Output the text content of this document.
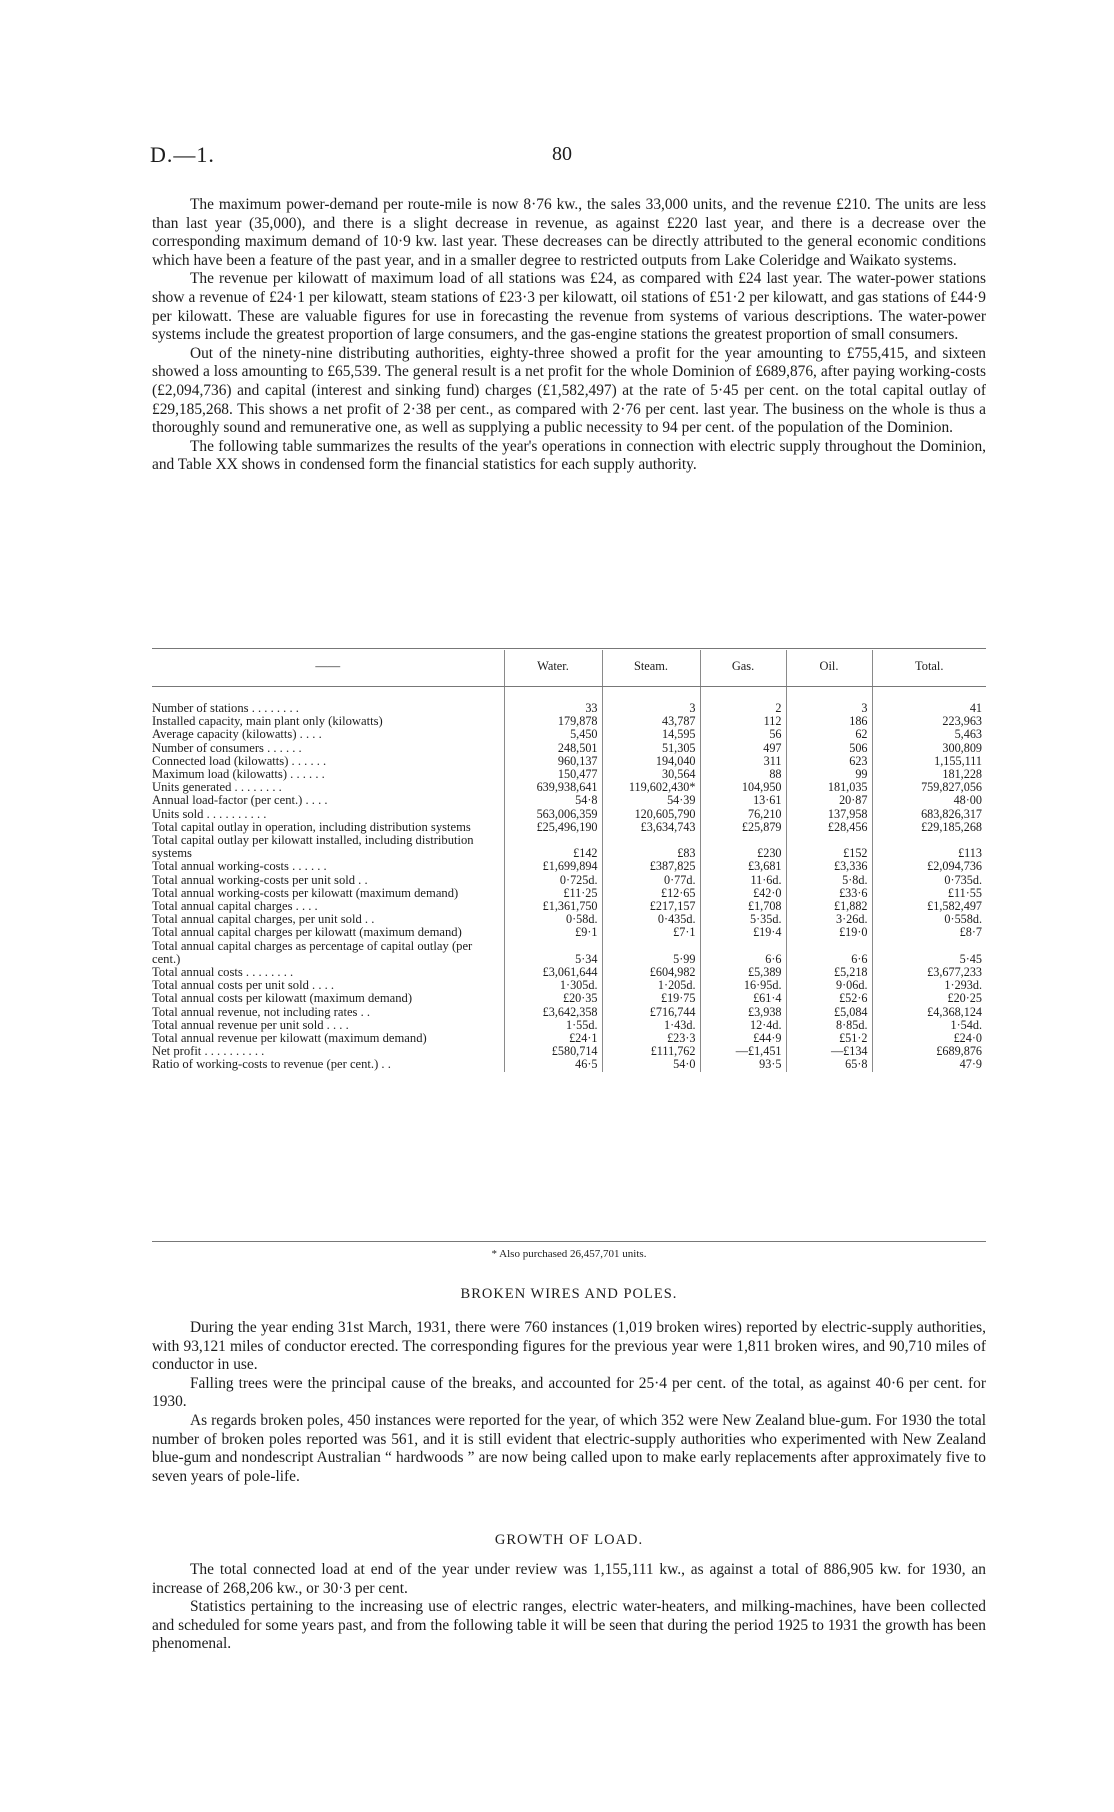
D.—1.	80

The maximum power-demand per route-mile is now 8·76 kw., the sales 33,000 units, and the revenue £210. The units are less than last year (35,000), and there is a slight decrease in revenue, as against £220 last year, and there is a decrease over the corresponding maximum demand of 10·9 kw. last year. These decreases can be directly attributed to the general economic conditions which have been a feature of the past year, and in a smaller degree to restricted outputs from Lake Coleridge and Waikato systems.

The revenue per kilowatt of maximum load of all stations was £24, as compared with £24 last year. The water-power stations show a revenue of £24·1 per kilowatt, steam stations of £23·3 per kilowatt, oil stations of £51·2 per kilowatt, and gas stations of £44·9 per kilowatt. These are valuable figures for use in forecasting the revenue from systems of various descriptions. The water-power systems include the greatest proportion of large consumers, and the gas-engine stations the greatest proportion of small consumers.

Out of the ninety-nine distributing authorities, eighty-three showed a profit for the year amounting to £755,415, and sixteen showed a loss amounting to £65,539. The general result is a net profit for the whole Dominion of £689,876, after paying working-costs (£2,094,736) and capital (interest and sinking fund) charges (£1,582,497) at the rate of 5·45 per cent. on the total capital outlay of £29,185,268. This shows a net profit of 2·38 per cent., as compared with 2·76 per cent. last year. The business on the whole is thus a thoroughly sound and remunerative one, as well as supplying a public necessity to 94 per cent. of the population of the Dominion.

The following table summarizes the results of the year's operations in connection with electric supply throughout the Dominion, and Table XX shows in condensed form the financial statistics for each supply authority.

——	Water.	Steam.	Gas.	Oil.	Total.

Number of stations . . . . . . . .	33	3	2	3	41
Installed capacity, main plant only (kilowatts)	179,878	43,787	112	186	223,963
Average capacity (kilowatts) . . . .	5,450	14,595	56	62	5,463
Number of consumers . . . . . .	248,501	51,305	497	506	300,809
Connected load (kilowatts) . . . . . .	960,137	194,040	311	623	1,155,111
Maximum load (kilowatts) . . . . . .	150,477	30,564	88	99	181,228
Units generated . . . . . . . .	639,938,641	119,602,430*	104,950	181,035	759,827,056
Annual load-factor (per cent.) . . . .	54·8	54·39	13·61	20·87	48·00
Units sold . . . . . . . . . .	563,006,359	120,605,790	76,210	137,958	683,826,317
Total capital outlay in operation, including distribution systems	£25,496,190	£3,634,743	£25,879	£28,456	£29,185,268
Total capital outlay per kilowatt installed, including distribution systems	£142	£83	£230	£152	£113
Total annual working-costs . . . . . .	£1,699,894	£387,825	£3,681	£3,336	£2,094,736
Total annual working-costs per unit sold . .	0·725d.	0·77d.	11·6d.	5·8d.	0·735d.
Total annual working-costs per kilowatt (maximum demand)	£11·25	£12·65	£42·0	£33·6	£11·55
Total annual capital charges . . . .	£1,361,750	£217,157	£1,708	£1,882	£1,582,497
Total annual capital charges, per unit sold . .	0·58d.	0·435d.	5·35d.	3·26d.	0·558d.
Total annual capital charges per kilowatt (maximum demand)	£9·1	£7·1	£19·4	£19·0	£8·7
Total annual capital charges as percentage of capital outlay (per cent.)	5·34	5·99	6·6	6·6	5·45
Total annual costs . . . . . . . .	£3,061,644	£604,982	£5,389	£5,218	£3,677,233
Total annual costs per unit sold . . . .	1·305d.	1·205d.	16·95d.	9·06d.	1·293d.
Total annual costs per kilowatt (maximum demand)	£20·35	£19·75	£61·4	£52·6	£20·25
Total annual revenue, not including rates . .	£3,642,358	£716,744	£3,938	£5,084	£4,368,124
Total annual revenue per unit sold . . . .	1·55d.	1·43d.	12·4d.	8·85d.	1·54d.
Total annual revenue per kilowatt (maximum demand)	£24·1	£23·3	£44·9	£51·2	£24·0
Net profit . . . . . . . . . .	£580,714	£111,762	—£1,451	—£134	£689,876
Ratio of working-costs to revenue (per cent.) . .	46·5	54·0	93·5	65·8	47·9
* Also purchased 26,457,701 units.
BROKEN WIRES AND POLES.

During the year ending 31st March, 1931, there were 760 instances (1,019 broken wires) reported by electric-supply authorities, with 93,121 miles of conductor erected. The corresponding figures for the previous year were 1,811 broken wires, and 90,710 miles of conductor in use.

Falling trees were the principal cause of the breaks, and accounted for 25·4 per cent. of the total, as against 40·6 per cent. for 1930.

As regards broken poles, 450 instances were reported for the year, of which 352 were New Zealand blue-gum. For 1930 the total number of broken poles reported was 561, and it is still evident that electric-supply authorities who experimented with New Zealand blue-gum and nondescript Australian “ hardwoods ” are now being called upon to make early replacements after approximately five to seven years of pole-life.

GROWTH OF LOAD.

The total connected load at end of the year under review was 1,155,111 kw., as against a total of 886,905 kw. for 1930, an increase of 268,206 kw., or 30·3 per cent.

Statistics pertaining to the increasing use of electric ranges, electric water-heaters, and milking-machines, have been collected and scheduled for some years past, and from the following table it will be seen that during the period 1925 to 1931 the growth has been phenomenal.
